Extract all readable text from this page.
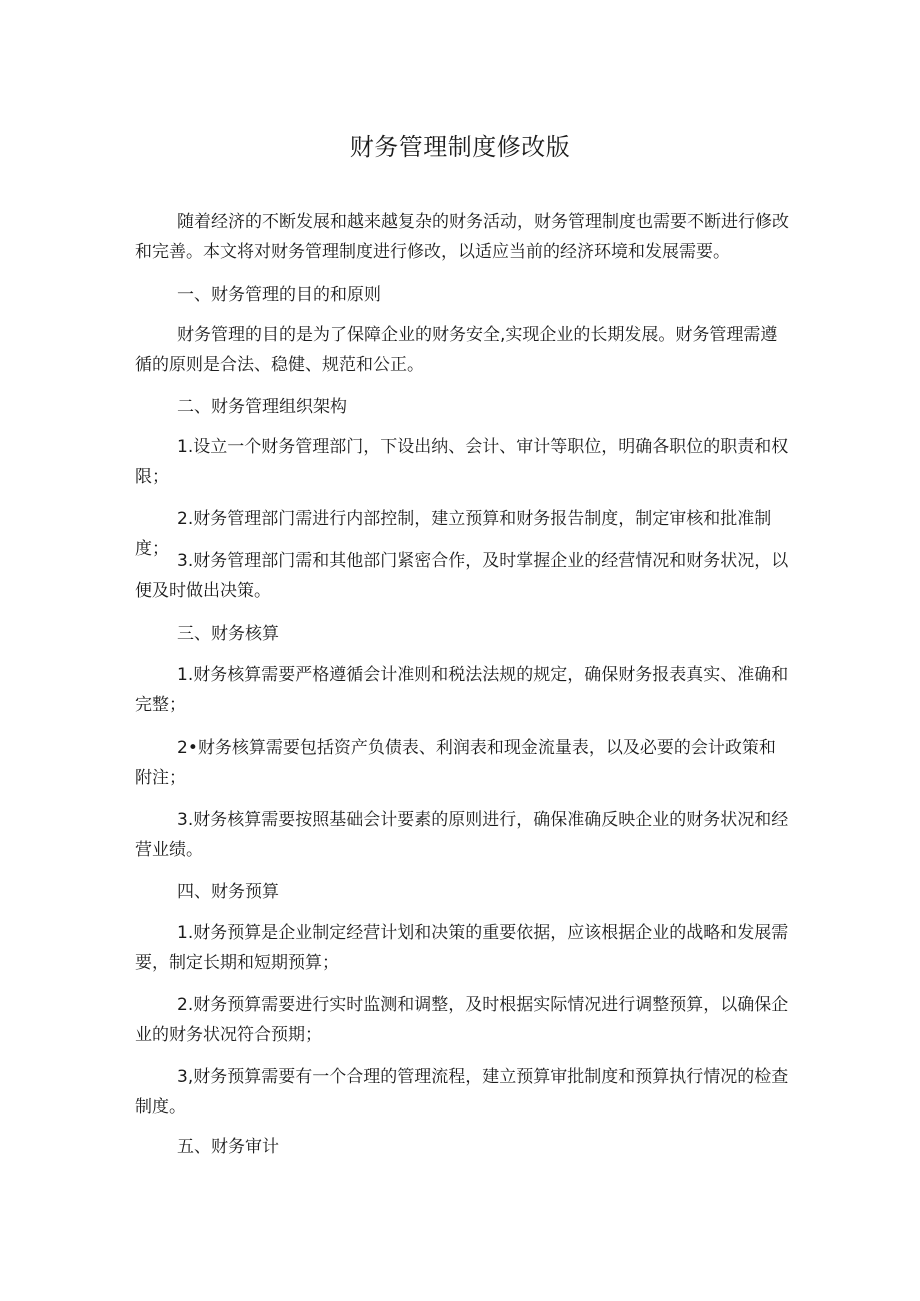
财务管理制度修改版

随着经济的不断发展和越来越复杂的财务活动，财务管理制度也需要不断进行修改和完善。本文将对财务管理制度进行修改，以适应当前的经济环境和发展需要。

一、财务管理的目的和原则

财务管理的目的是为了保障企业的财务安全,实现企业的长期发展。财务管理需遵循的原则是合法、稳健、规范和公正。

二、财务管理组织架构

1.设立一个财务管理部门，下设出纳、会计、审计等职位，明确各职位的职责和权限；

2.财务管理部门需进行内部控制，建立预算和财务报告制度，制定审核和批准制度；

3.财务管理部门需和其他部门紧密合作，及时掌握企业的经营情况和财务状况，以便及时做出决策。

三、财务核算

1.财务核算需要严格遵循会计准则和税法法规的规定，确保财务报表真实、准确和完整；

2•财务核算需要包括资产负债表、利润表和现金流量表，以及必要的会计政策和附注；

3.财务核算需要按照基础会计要素的原则进行，确保准确反映企业的财务状况和经营业绩。

四、财务预算

1.财务预算是企业制定经营计划和决策的重要依据，应该根据企业的战略和发展需要，制定长期和短期预算；

2.财务预算需要进行实时监测和调整，及时根据实际情况进行调整预算，以确保企业的财务状况符合预期；

3,财务预算需要有一个合理的管理流程，建立预算审批制度和预算执行情况的检查制度。

五、财务审计
